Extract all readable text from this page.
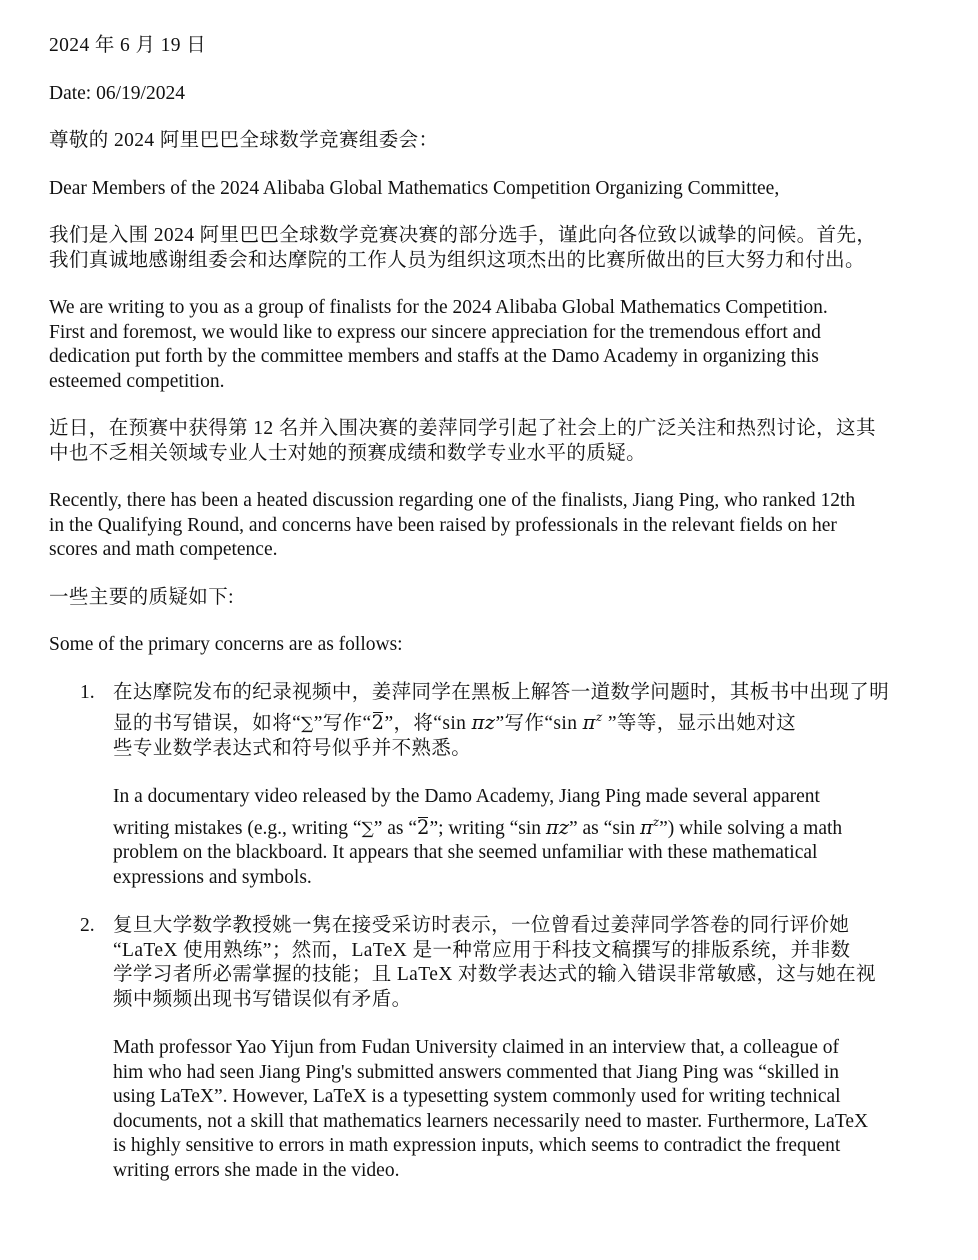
2024 年 6 月 19 日

Date: 06/19/2024

尊敬的 2024 阿里巴巴全球数学竞赛组委会：

Dear Members of the 2024 Alibaba Global Mathematics Competition Organizing Committee,

我们是入围 2024 阿里巴巴全球数学竞赛决赛的部分选手，谨此向各位致以诚挚的问候。首先，
我们真诚地感谢组委会和达摩院的工作人员为组织这项杰出的比赛所做出的巨大努力和付出。

We are writing to you as a group of finalists for the 2024 Alibaba Global Mathematics Competition.
First and foremost, we would like to express our sincere appreciation for the tremendous effort and
dedication put forth by the committee members and staffs at the Damo Academy in organizing this
esteemed competition.

近日，在预赛中获得第 12 名并入围决赛的姜萍同学引起了社会上的广泛关注和热烈讨论，这其
中也不乏相关领域专业人士对她的预赛成绩和数学专业水平的质疑。

Recently, there has been a heated discussion regarding one of the finalists, Jiang Ping, who ranked 12th
in the Qualifying Round, and concerns have been raised by professionals in the relevant fields on her
scores and math competence.

一些主要的质疑如下:

Some of the primary concerns are as follows:

1. 在达摩院发布的纪录视频中，姜萍同学在黑板上解答一道数学问题时，其板书中出现了明
显的书写错误，如将“∑”写作“
2”，将“sin πz”写作“sin $\pi^z$ ”等等，显示出她对这
些专业数学表达式和符号似乎并不熟悉。
In a documentary video released by the Damo Academy, Jiang Ping made several apparent
writing mistakes (e.g., writing “∑” as “
2”; writing “sin πz” as “sin $\pi^z$”) while solving a math
problem on the blackboard. It appears that she seemed unfamiliar with these mathematical
expressions and symbols.
2. 复旦大学数学教授姚一隽在接受采访时表示，一位曾看过姜萍同学答卷的同行评价她
“LaTeX 使用熟练”；然而，LaTeX 是一种常应用于科技文稿撰写的排版系统，并非数
学学习者所必需掌握的技能；且 LaTeX 对数学表达式的输入错误非常敏感，这与她在视
频中频频出现书写错误似有矛盾。
Math professor Yao Yijun from Fudan University claimed in an interview that, a colleague of
him who had seen Jiang Ping's submitted answers commented that Jiang Ping was “skilled in
using LaTeX”. However, LaTeX is a typesetting system commonly used for writing technical
documents, not a skill that mathematics learners necessarily need to master. Furthermore, LaTeX
is highly sensitive to errors in math expression inputs, which seems to contradict the frequent
writing errors she made in the video.
